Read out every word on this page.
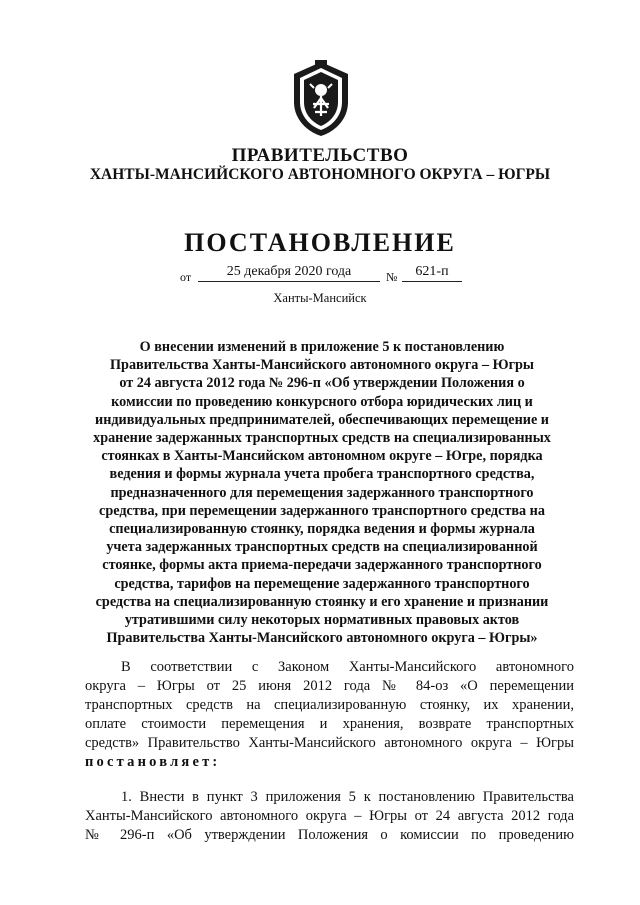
ПРАВИТЕЛЬСТВО
ХАНТЫ-МАНСИЙСКОГО АВТОНОМНОГО ОКРУГА – ЮГРЫ
ПОСТАНОВЛЕНИЕ
от	25 декабря 2020 года	№	621-п
Ханты-Мансийск
О внесении изменений в приложение 5 к постановлению
Правительства Ханты-Мансийского автономного округа – Югры
от 24 августа 2012 года № 296-п «Об утверждении Положения о
комиссии по проведению конкурсного отбора юридических лиц и
индивидуальных предпринимателей, обеспечивающих перемещение и
хранение задержанных транспортных средств на специализированных
стоянках в Ханты-Мансийском автономном округе – Югре, порядка
ведения и формы журнала учета пробега транспортного средства,
предназначенного для перемещения задержанного транспортного
средства, при перемещении задержанного транспортного средства на
специализированную стоянку, порядка ведения и формы журнала
учета задержанных транспортных средств на специализированной
стоянке, формы акта приема-передачи задержанного транспортного
средства, тарифов на перемещение задержанного транспортного
средства на специализированную стоянку и его хранение и признании
утратившими силу некоторых нормативных правовых актов
Правительства Ханты-Мансийского автономного округа – Югры»
В соответствии с Законом Ханты-Мансийского автономного
округа – Югры от 25 июня 2012 года № 84-оз «О перемещении
транспортных средств на специализированную стоянку, их хранении,
оплате стоимости перемещения и хранения, возврате транспортных
средств» Правительство Ханты-Мансийского автономного округа – Югры
постановляет:
1. Внести в пункт 3 приложения 5 к постановлению Правительства
Ханты-Мансийского автономного округа – Югры от 24 августа 2012 года
№ 296-п «Об утверждении Положения о комиссии по проведению
